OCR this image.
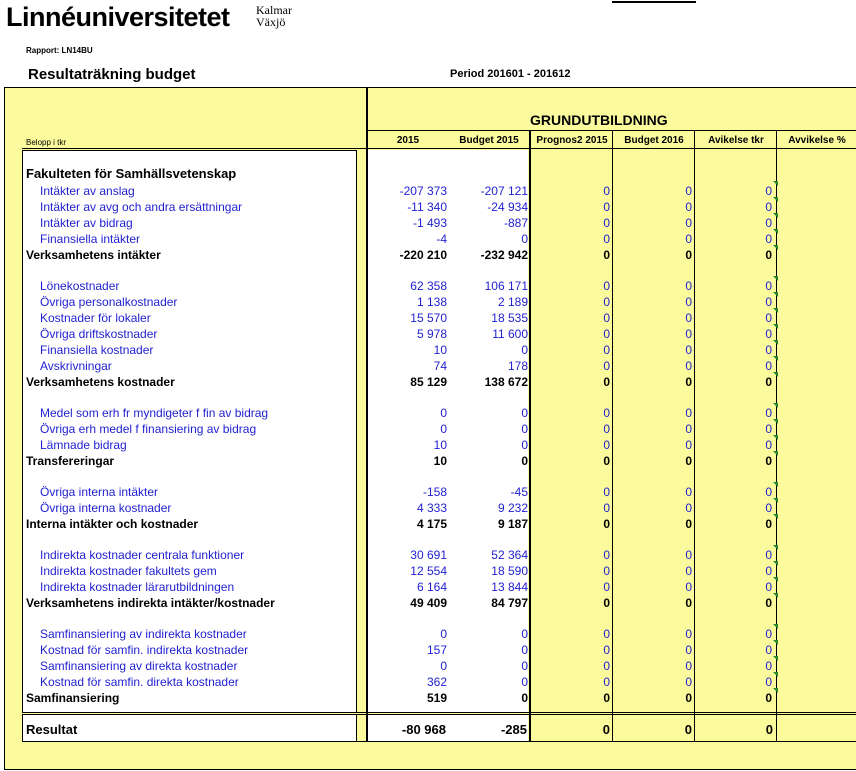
Linnéuniversitetet Kalmar
Växjö
Rapport: LN14BU
Resultaträkning budget	Period 201601 - 201612
GRUNDUTBILDNING
Belopp i tkr	2015	Budget 2015	Prognos2 2015	Budget 2016	Avikelse tkr	Avvikelse %
Fakulteten för Samhällsvetenskap
Intäkter av anslag	-207 373	-207 121	0	0	0
Intäkter av avg och andra ersättningar	-11 340	-24 934	0	0	0
Intäkter av bidrag	-1 493	-887	0	0	0
Finansiella intäkter	-4	0	0	0	0
Verksamhetens intäkter	-220 210	-232 942	0	0	0
Lönekostnader	62 358	106 171	0	0	0
Övriga personalkostnader	1 138	2 189	0	0	0
Kostnader för lokaler	15 570	18 535	0	0	0
Övriga driftskostnader	5 978	11 600	0	0	0
Finansiella kostnader	10	0	0	0	0
Avskrivningar	74	178	0	0	0
Verksamhetens kostnader	85 129	138 672	0	0	0
Medel som erh fr myndigeter f fin av bidrag	0	0	0	0	0
Övriga erh medel f finansiering av bidrag	0	0	0	0	0
Lämnade bidrag	10	0	0	0	0
Transfereringar	10	0	0	0	0
Övriga interna intäkter	-158	-45	0	0	0
Övriga interna kostnader	4 333	9 232	0	0	0
Interna intäkter och kostnader	4 175	9 187	0	0	0
Indirekta kostnader centrala funktioner	30 691	52 364	0	0	0
Indirekta kostnader fakultets gem	12 554	18 590	0	0	0
Indirekta kostnader lärarutbildningen	6 164	13 844	0	0	0
Verksamhetens indirekta intäkter/kostnader	49 409	84 797	0	0	0
Samfinansiering av indirekta kostnader	0	0	0	0	0
Kostnad för samfin. indirekta kostnader	157	0	0	0	0
Samfinansiering av direkta kostnader	0	0	0	0	0
Kostnad för samfin. direkta kostnader	362	0	0	0	0
Samfinansiering	519	0	0	0	0
Resultat	-80 968	-285	0	0	0
